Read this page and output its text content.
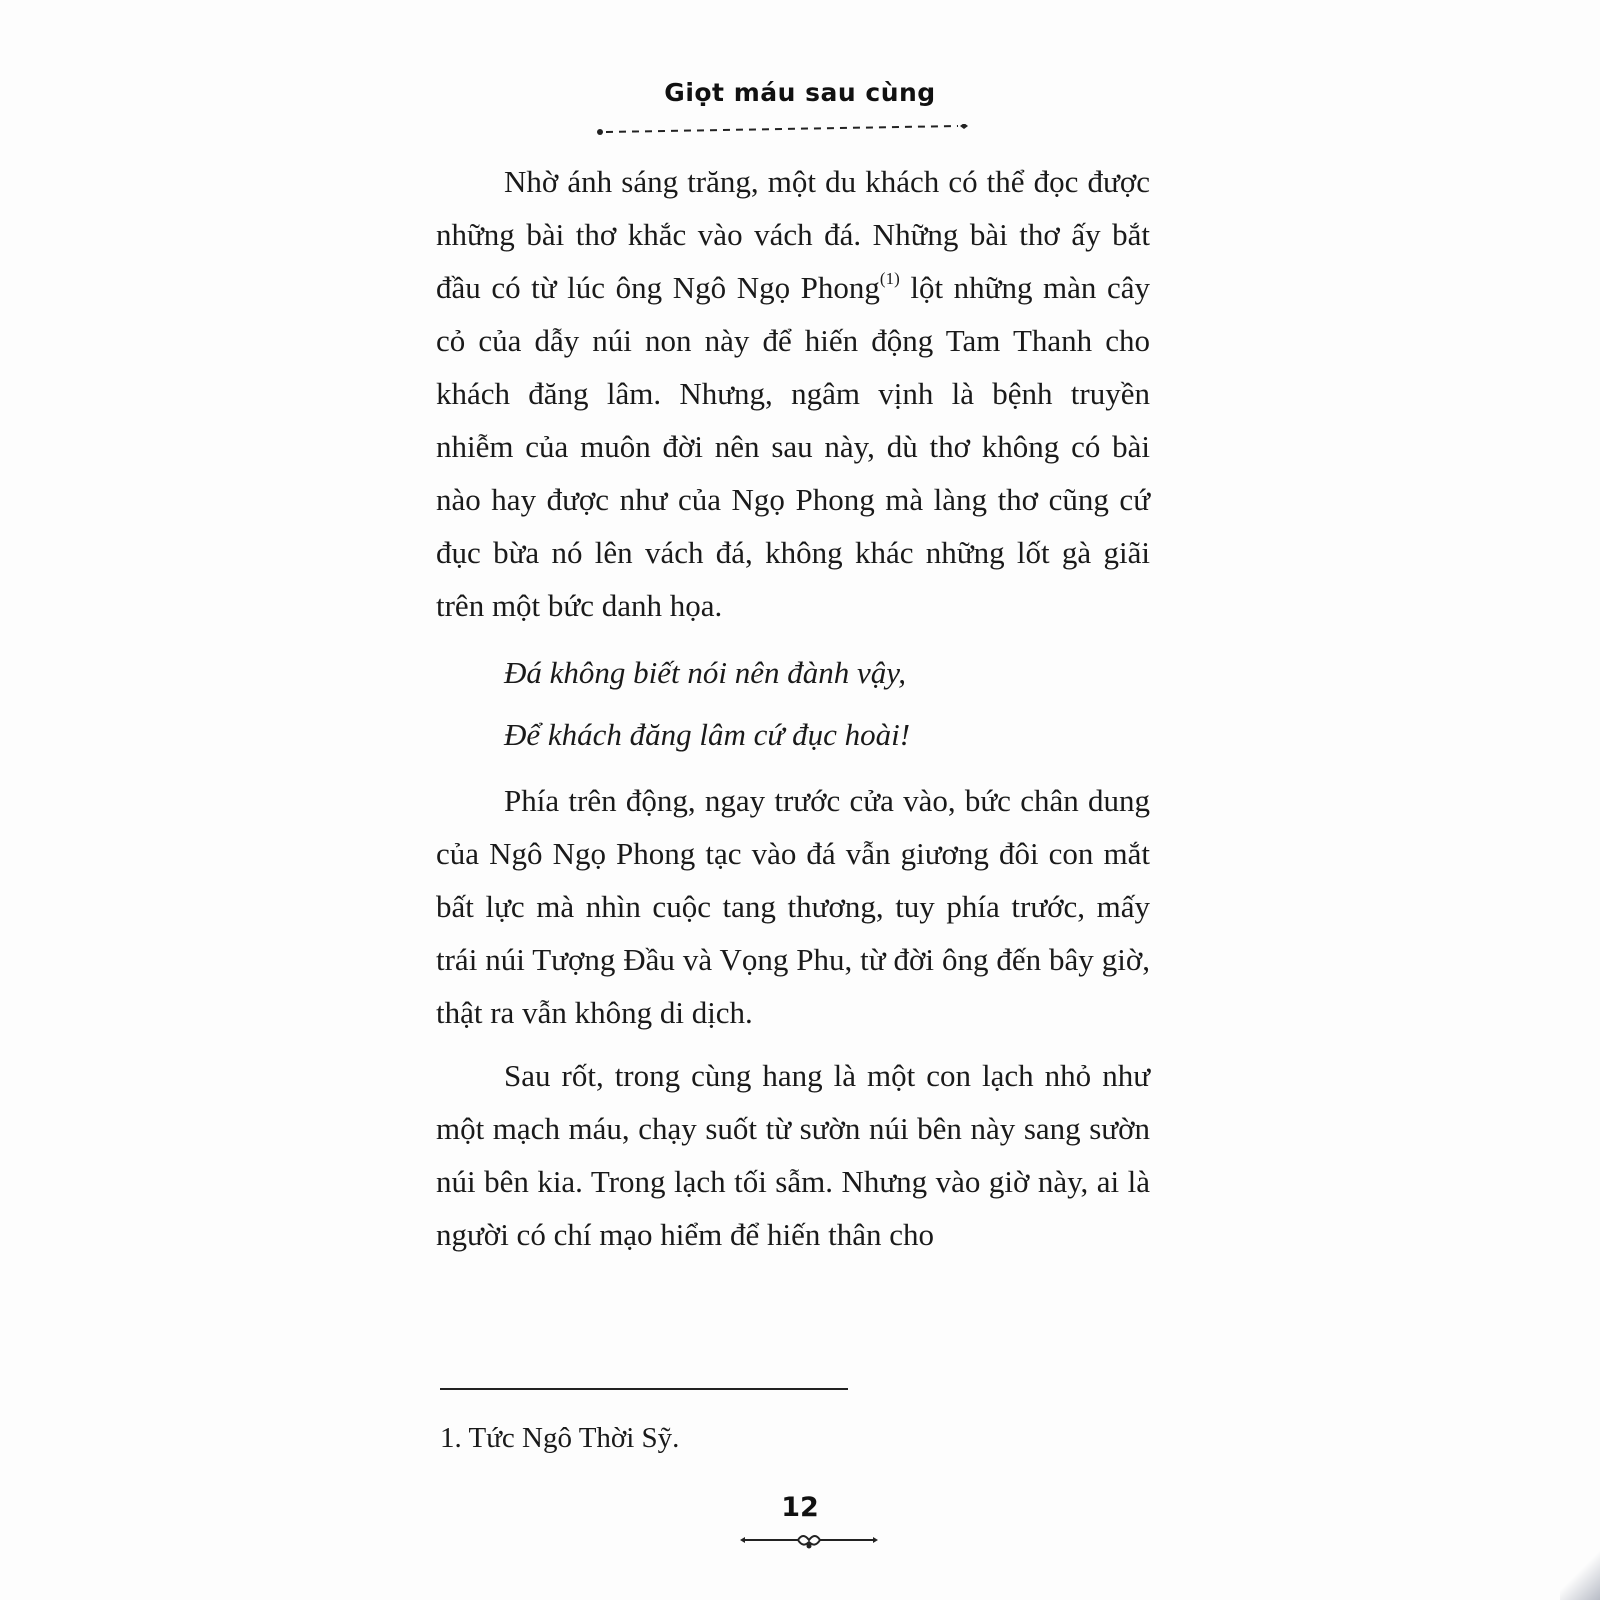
Giọt máu sau cùng

Nhờ ánh sáng trăng, một du khách có thể đọc được những bài thơ khắc vào vách đá. Những bài thơ ấy bắt đầu có từ lúc ông Ngô Ngọ Phong$^{(1)}$ lột những màn cây cỏ của dẫy núi non này để hiến động Tam Thanh cho khách đăng lâm. Nhưng, ngâm vịnh là bệnh truyền nhiễm của muôn đời nên sau này, dù thơ không có bài nào hay được như của Ngọ Phong mà làng thơ cũng cứ đục bừa nó lên vách đá, không khác những lốt gà giãi trên một bức danh họa.

Đá không biết nói nên đành vậy,
Để khách đăng lâm cứ đục hoài!

Phía trên động, ngay trước cửa vào, bức chân dung của Ngô Ngọ Phong tạc vào đá vẫn giương đôi con mắt bất lực mà nhìn cuộc tang thương, tuy phía trước, mấy trái núi Tượng Đầu và Vọng Phu, từ đời ông đến bây giờ, thật ra vẫn không di dịch.

Sau rốt, trong cùng hang là một con lạch nhỏ như một mạch máu, chạy suốt từ sườn núi bên này sang sườn núi bên kia. Trong lạch tối sẫm. Nhưng vào giờ này, ai là người có chí mạo hiểm để hiến thân cho

1. Tức Ngô Thời Sỹ.
12
